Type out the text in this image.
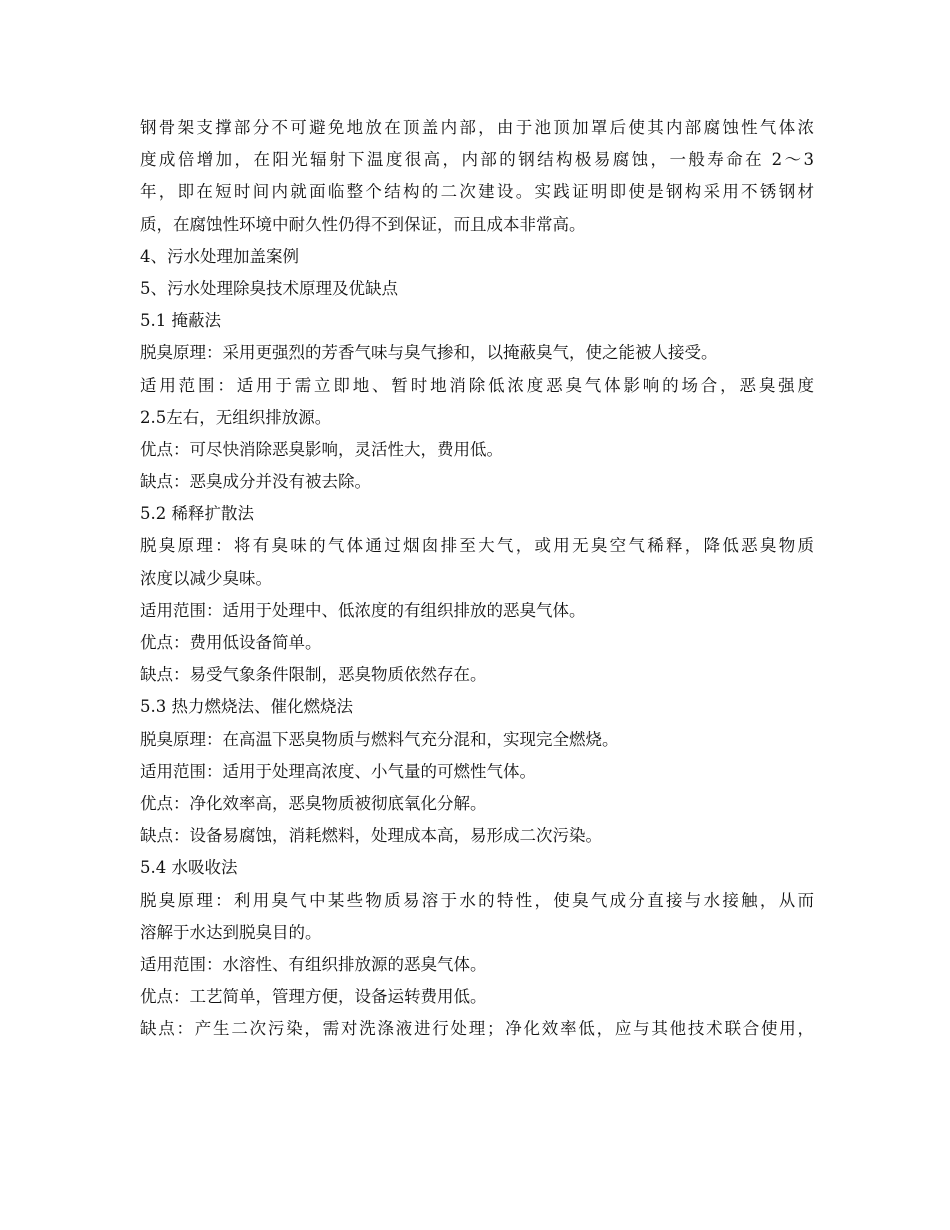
钢骨架支撑部分不可避免地放在顶盖内部，由于池顶加罩后使其内部腐蚀性气体浓
度成倍增加，在阳光辐射下温度很高，内部的钢结构极易腐蚀，一般寿命在 2～3
年，即在短时间内就面临整个结构的二次建设。实践证明即使是钢构采用不锈钢材
质，在腐蚀性环境中耐久性仍得不到保证，而且成本非常高。
4、污水处理加盖案例
5、污水处理除臭技术原理及优缺点
5.1 掩蔽法
脱臭原理：采用更强烈的芳香气味与臭气掺和，以掩蔽臭气，使之能被人接受。
适用范围：适用于需立即地、暂时地消除低浓度恶臭气体影响的场合，恶臭强度
2.5左右，无组织排放源。
优点：可尽快消除恶臭影响，灵活性大，费用低。
缺点：恶臭成分并没有被去除。
5.2 稀释扩散法
脱臭原理：将有臭味的气体通过烟囱排至大气，或用无臭空气稀释，降低恶臭物质
浓度以减少臭味。
适用范围：适用于处理中、低浓度的有组织排放的恶臭气体。
优点：费用低设备简单。
缺点：易受气象条件限制，恶臭物质依然存在。
5.3 热力燃烧法、催化燃烧法
脱臭原理：在高温下恶臭物质与燃料气充分混和，实现完全燃烧。
适用范围：适用于处理高浓度、小气量的可燃性气体。
优点：净化效率高，恶臭物质被彻底氧化分解。
缺点：设备易腐蚀，消耗燃料，处理成本高，易形成二次污染。
5.4 水吸收法
脱臭原理：利用臭气中某些物质易溶于水的特性，使臭气成分直接与水接触，从而
溶解于水达到脱臭目的。
适用范围：水溶性、有组织排放源的恶臭气体。
优点：工艺简单，管理方便，设备运转费用低。
缺点：产生二次污染，需对洗涤液进行处理；净化效率低，应与其他技术联合使用，
